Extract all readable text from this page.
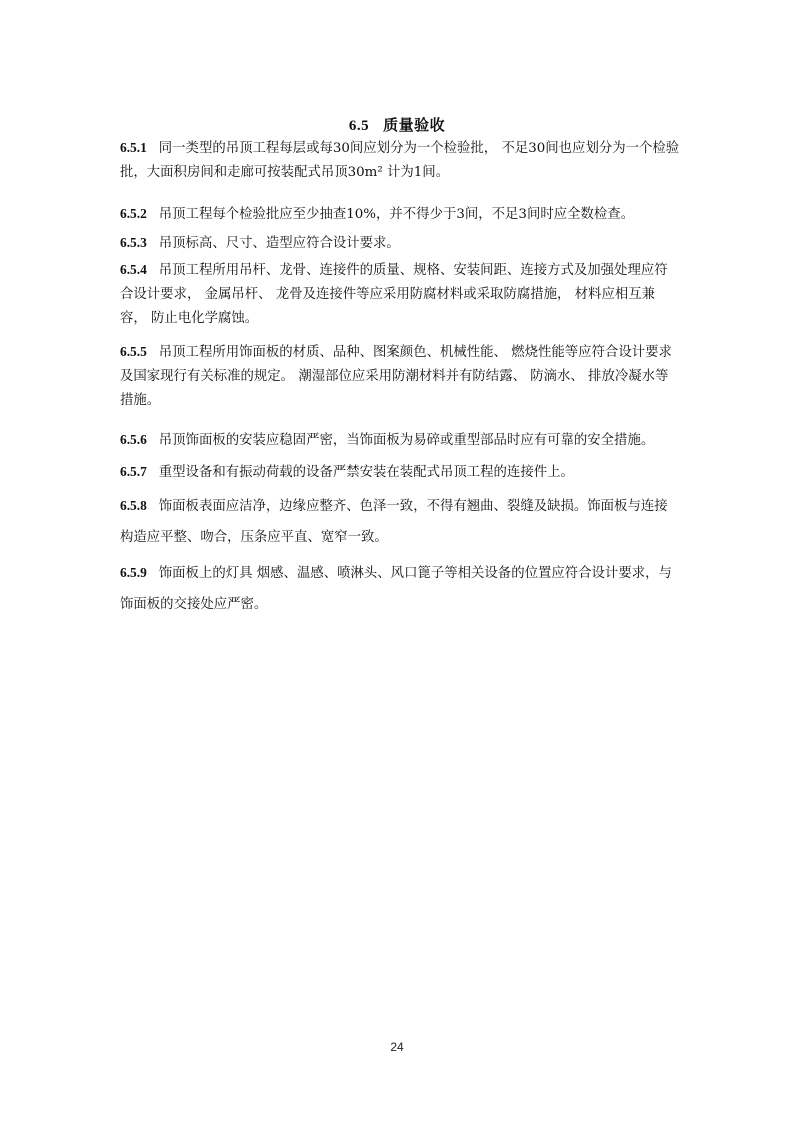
6.5 质量验收

6.5.1 同一类型的吊顶工程每层或每30间应划分为一个检验批， 不足30间也应划分为一个检验批，大面积房间和走廊可按装配式吊顶30m² 计为1间。

6.5.2 吊顶工程每个检验批应至少抽查10%，并不得少于3间，不足3间时应全数检查。

6.5.3 吊顶标高、尺寸、造型应符合设计要求。

6.5.4 吊顶工程所用吊杆、龙骨、连接件的质量、规格、安装间距、连接方式及加强处理应符合设计要求， 金属吊杆、 龙骨及连接件等应采用防腐材料或采取防腐措施， 材料应相互兼容， 防止电化学腐蚀。

6.5.5 吊顶工程所用饰面板的材质、品种、图案颜色、机械性能、 燃烧性能等应符合设计要求及国家现行有关标准的规定。 潮湿部位应采用防潮材料并有防结露、 防滴水、 排放冷凝水等措施。

6.5.6 吊顶饰面板的安装应稳固严密，当饰面板为易碎或重型部品时应有可靠的安全措施。

6.5.7 重型设备和有振动荷载的设备严禁安装在装配式吊顶工程的连接件上。

6.5.8 饰面板表面应洁净，边缘应整齐、色泽一致，不得有翘曲、裂缝及缺损。饰面板与连接构造应平整、吻合，压条应平直、宽窄一致。

6.5.9 饰面板上的灯具 烟感、温感、喷淋头、风口篦子等相关设备的位置应符合设计要求，与饰面板的交接处应严密。

24
